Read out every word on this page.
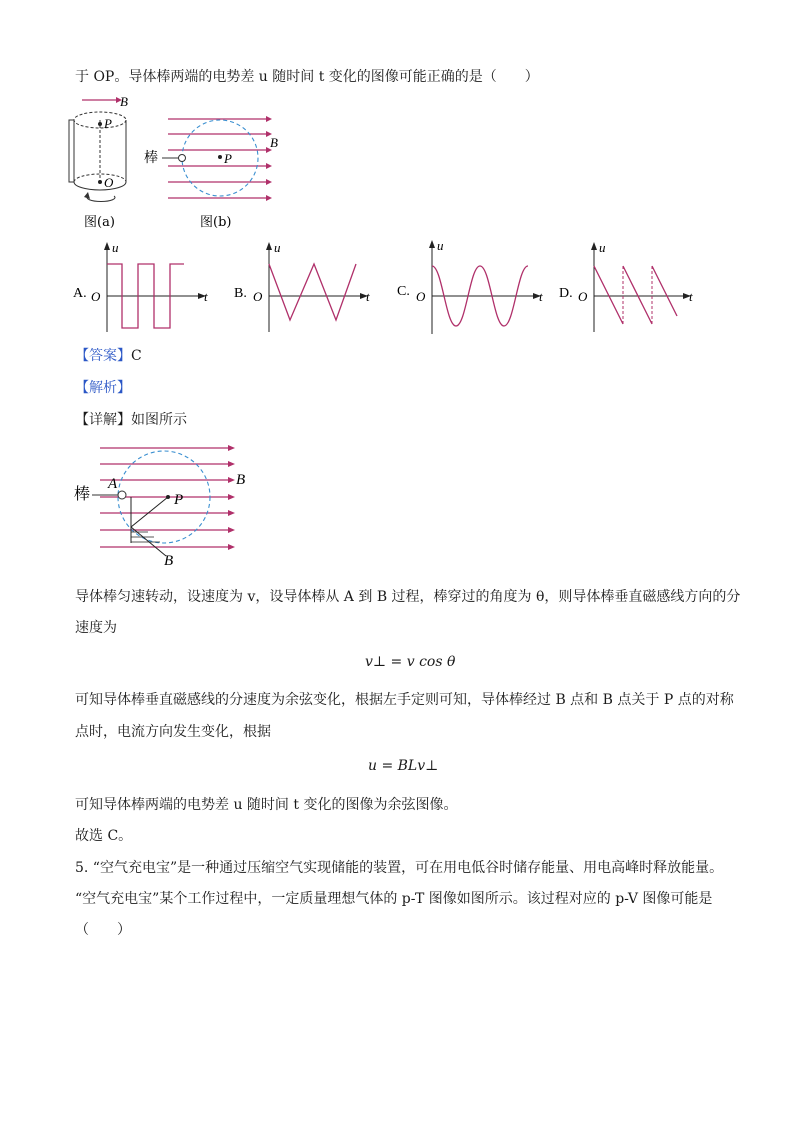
于 OP。导体棒两端的电势差 u 随时间 t 变化的图像可能正确的是（　　）
B
P
O
图(a)
P
B
棒
图(b)
A.
u
t
O	B.
u
t
O	C.
u
t
O	D.
u
t
O
【答案】C
【解析】
【详解】如图所示
棒 A	B
P
B
导体棒匀速转动，设速度为 v，设导体棒从 A 到 B 过程，棒穿过的角度为 θ，则导体棒垂直磁感线方向的分
速度为
v⊥ = v cos θ
可知导体棒垂直磁感线的分速度为余弦变化，根据左手定则可知，导体棒经过 B 点和 B 点关于 P 点的对称
点时，电流方向发生变化，根据
u = BLv⊥
可知导体棒两端的电势差 u 随时间 t 变化的图像为余弦图像。
故选 C。
5. “空气充电宝”是一种通过压缩空气实现储能的装置，可在用电低谷时储存能量、用电高峰时释放能量。
“空气充电宝”某个工作过程中，一定质量理想气体的 p-T 图像如图所示。该过程对应的 p-V 图像可能是
（　　）
